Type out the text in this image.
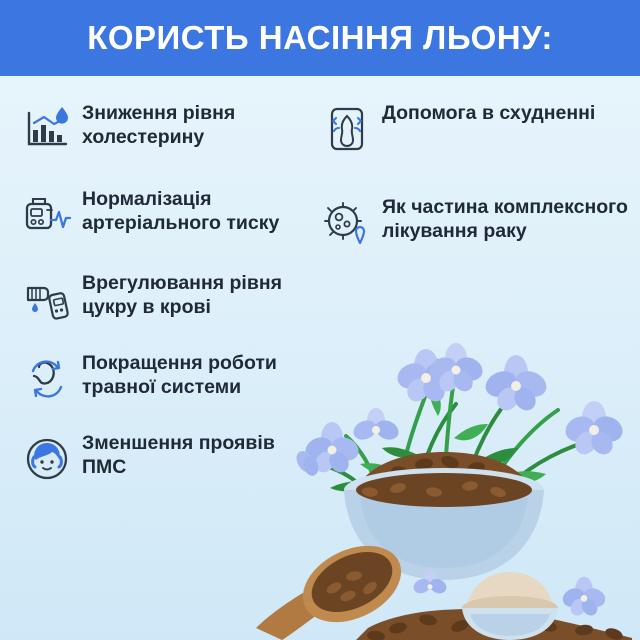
КОРИСТЬ НАСІННЯ ЛЬОНУ:
Зниження рівня холестерину
Нормалізація артеріального тиску
Врегулювання рівня цукру в крові
Покращення роботи травної системи
Зменшення проявів ПМС
Допомога в схудненні
Як частина комплексного лікування раку
